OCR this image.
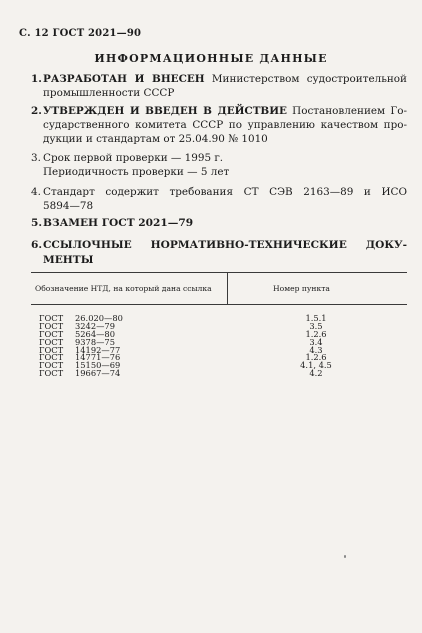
С. 12 ГОСТ 2021—90
ИНФОРМАЦИОННЫЕ ДАННЫЕ
1. РАЗРАБОТАН И ВНЕСЕН Министерством судостроительной
промышленности СССР
2. УТВЕРЖДЕН И ВВЕДЕН В ДЕЙСТВИЕ Постановлением Го-
сударственного комитета СССР по управлению качеством про-
дукции и стандартам от 25.04.90 № 1010
3. Срок первой проверки — 1995 г.
Периодичность проверки — 5 лет
4. Стандарт содержит требования СТ СЭВ 2163—89 и ИСО
5894—78
5. ВЗАМЕН ГОСТ 2021—79
6. ССЫЛОЧНЫЕ НОРМАТИВНО-ТЕХНИЧЕСКИЕ ДОКУ-
МЕНТЫ
Обозначение НТД, на который дана ссылка	Номер пункта
ГОСТ 26.020—80	1.5.1
ГОСТ 3242—79	3.5
ГОСТ 5264—80	1.2.6
ГОСТ 9378—75	3.4
ГОСТ 14192—77	4.3
ГОСТ 14771—76	1.2.6
ГОСТ 15150—69	4.1, 4.5
ГОСТ 19667—74	4.2
